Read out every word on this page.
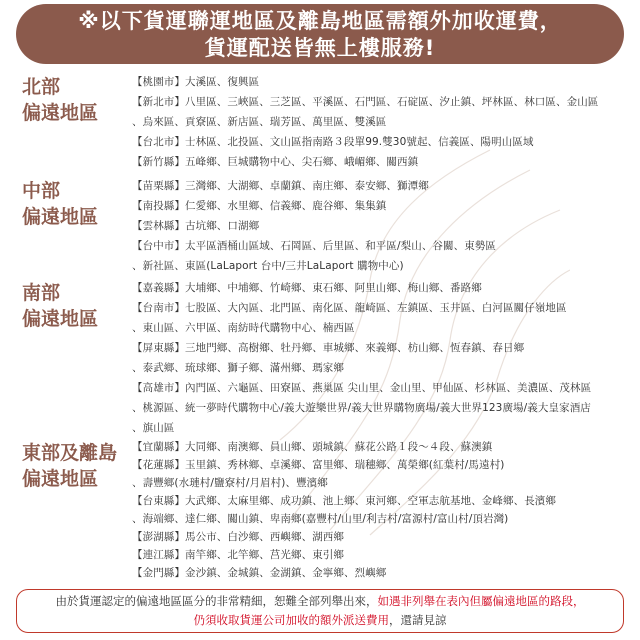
※以下貨運聯運地區及離島地區需額外加收運費，
貨運配送皆無上樓服務!
北部
偏遠地區
【桃園市】大溪區、復興區
【新北市】八里區、三峽區、三芝區、平溪區、石門區、石碇區、汐止鎮、坪林區、林口區、金山區
、烏來區、貢寮區、新店區、瑞芳區、萬里區、雙溪區
【台北市】士林區、北投區、文山區指南路３段單99.雙30號起、信義區、陽明山區域
【新竹縣】五峰鄉、巨城購物中心、尖石鄉、峨嵋鄉、關西鎮
中部
偏遠地區
【苗栗縣】三灣鄉、大湖鄉、卓蘭鎮、南庄鄉、泰安鄉、獅潭鄉
【南投縣】仁愛鄉、水里鄉、信義鄉、鹿谷鄉、集集鎮
【雲林縣】古坑鄉、口湖鄉
【台中市】太平區酒桶山區域、石岡區、后里區、和平區/梨山、谷關、東勢區
、新社區、東區(LaLaport 台中/三井LaLaport 購物中心)
南部
偏遠地區
【嘉義縣】大埔鄉、中埔鄉、竹崎鄉、東石鄉、阿里山鄉、梅山鄉、番路鄉
【台南市】七股區、大內區、北門區、南化區、龍崎區、左鎮區、玉井區、白河區關仔嶺地區
、東山區、六甲區、南紡時代購物中心、楠西區
【屏東縣】三地門鄉、高樹鄉、牡丹鄉、車城鄉、來義鄉、枋山鄉、恆春鎮、春日鄉
、泰武鄉、琉球鄉、獅子鄉、滿州鄉、瑪家鄉
【高雄市】內門區、六龜區、田寮區、燕巢區 尖山里、金山里、甲仙區、杉林區、美濃區、茂林區
、桃源區、統一夢時代購物中心/義大遊樂世界/義大世界購物廣場/義大世界123廣場/義大皇家酒店
、旗山區
東部及離島
偏遠地區
【宜蘭縣】大同鄉、南澳鄉、員山鄉、頭城鎮、蘇花公路１段～４段、蘇澳鎮
【花蓮縣】玉里鎮、秀林鄉、卓溪鄉、富里鄉、瑞穗鄉、萬榮鄉(紅葉村/馬遠村)
、壽豐鄉(水璉村/鹽寮村/月眉村)、豐濱鄉
【台東縣】大武鄉、太麻里鄉、成功鎮、池上鄉、東河鄉、空軍志航基地、金峰鄉、長濱鄉
、海端鄉、達仁鄉、關山鎮、卑南鄉(嘉豐村/山里/利吉村/富源村/富山村/頂岩灣)
【澎湖縣】馬公市、白沙鄉、西嶼鄉、湖西鄉
【連江縣】南竿鄉、北竿鄉、莒光鄉、東引鄉
【金門縣】金沙鎮、金城鎮、金湖鎮、金寧鄉、烈嶼鄉
由於貨運認定的偏遠地區區分的非常精細，恕難全部列舉出來，如遇非列舉在表內但屬偏遠地區的路段，
仍須收取貨運公司加收的額外派送費用，還請見諒
